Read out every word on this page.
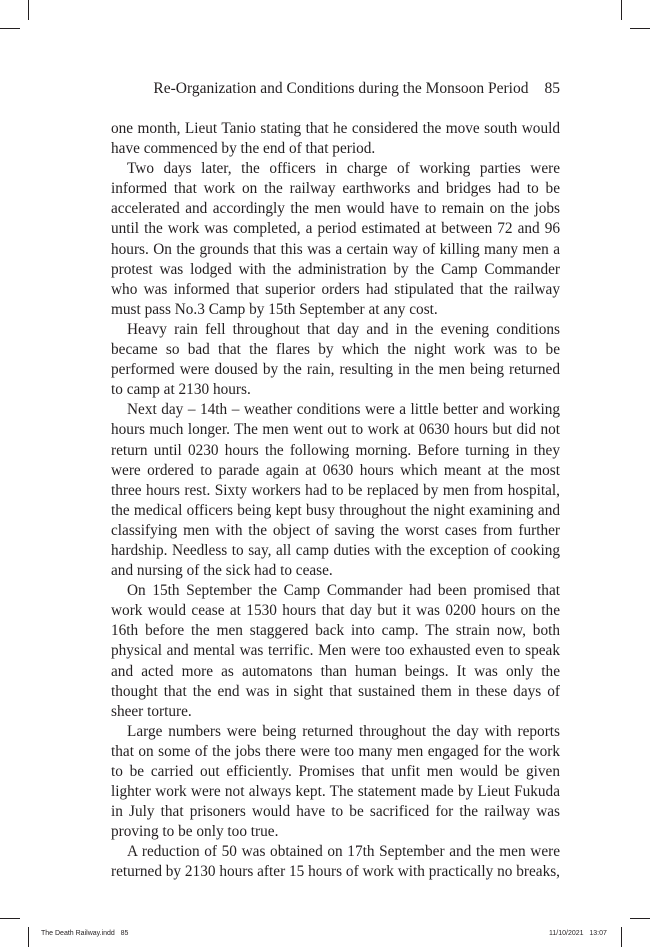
Re-Organization and Conditions during the Monsoon Period 85

one month, Lieut Tanio stating that he considered the move south would have commenced by the end of that period.

Two days later, the officers in charge of working parties were informed that work on the railway earthworks and bridges had to be accelerated and accordingly the men would have to remain on the jobs until the work was completed, a period estimated at between 72 and 96 hours. On the grounds that this was a certain way of killing many men a protest was lodged with the administration by the Camp Commander who was informed that superior orders had stipulated that the railway must pass No.3 Camp by 15th September at any cost.

Heavy rain fell throughout that day and in the evening conditions became so bad that the flares by which the night work was to be performed were doused by the rain, resulting in the men being returned to camp at 2130 hours.

Next day – 14th – weather conditions were a little better and working hours much longer. The men went out to work at 0630 hours but did not return until 0230 hours the following morning. Before turning in they were ordered to parade again at 0630 hours which meant at the most three hours rest. Sixty workers had to be replaced by men from hospital, the medical officers being kept busy throughout the night examining and classifying men with the object of saving the worst cases from further hardship. Needless to say, all camp duties with the exception of cooking and nursing of the sick had to cease.

On 15th September the Camp Commander had been promised that work would cease at 1530 hours that day but it was 0200 hours on the 16th before the men staggered back into camp. The strain now, both physical and mental was terrific. Men were too exhausted even to speak and acted more as automatons than human beings. It was only the thought that the end was in sight that sustained them in these days of sheer torture.

Large numbers were being returned throughout the day with reports that on some of the jobs there were too many men engaged for the work to be carried out efficiently. Promises that unfit men would be given lighter work were not always kept. The statement made by Lieut Fukuda in July that prisoners would have to be sacrificed for the railway was proving to be only too true.

A reduction of 50 was obtained on 17th September and the men were returned by 2130 hours after 15 hours of work with practically no breaks,

The Death Railway.indd   85	11/10/2021   13:07
